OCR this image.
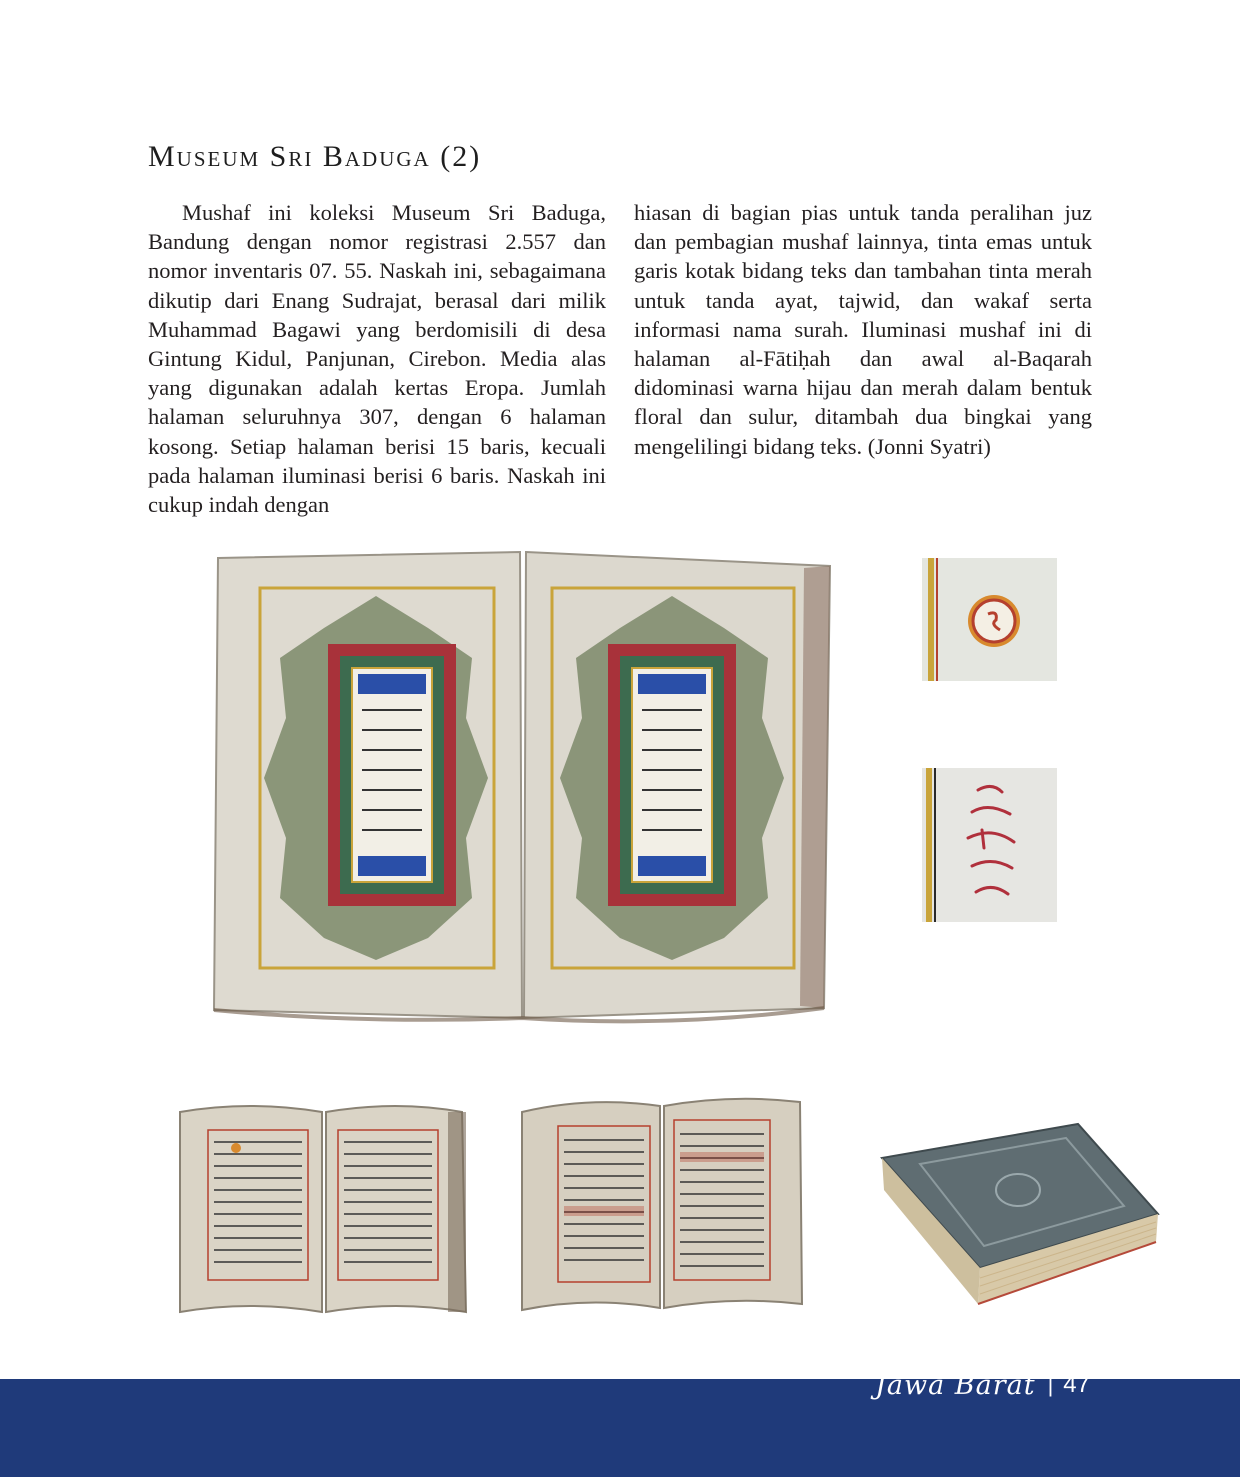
Museum Sri Baduga (2)

Mushaf ini koleksi Museum Sri Baduga, Bandung dengan nomor registrasi 2.557 dan nomor inventaris 07. 55. Naskah ini, sebagaimana dikutip dari Enang Sudrajat, berasal dari milik Muhammad Bagawi yang berdomisili di desa Gintung Kidul, Panjunan, Cirebon. Media alas yang digunakan adalah kertas Eropa. Jumlah halaman seluruhnya 307, dengan 6 halaman kosong. Setiap halaman berisi 15 baris, kecuali pada halaman iluminasi berisi 6 baris. Naskah ini cukup indah dengan

hiasan di bagian pias untuk tanda peralihan juz dan pembagian mushaf lainnya, tinta emas untuk garis kotak bidang teks dan tambahan tinta merah untuk tanda ayat, tajwid, dan wakaf serta informasi nama surah. Iluminasi mushaf ini di halaman al-Fātiḥah dan awal al-Baqarah didominasi warna hijau dan merah dalam bentuk floral dan sulur, ditambah dua bingkai yang mengelilingi bidang teks. (Jonni Syatri)

Jawa Barat | 47
